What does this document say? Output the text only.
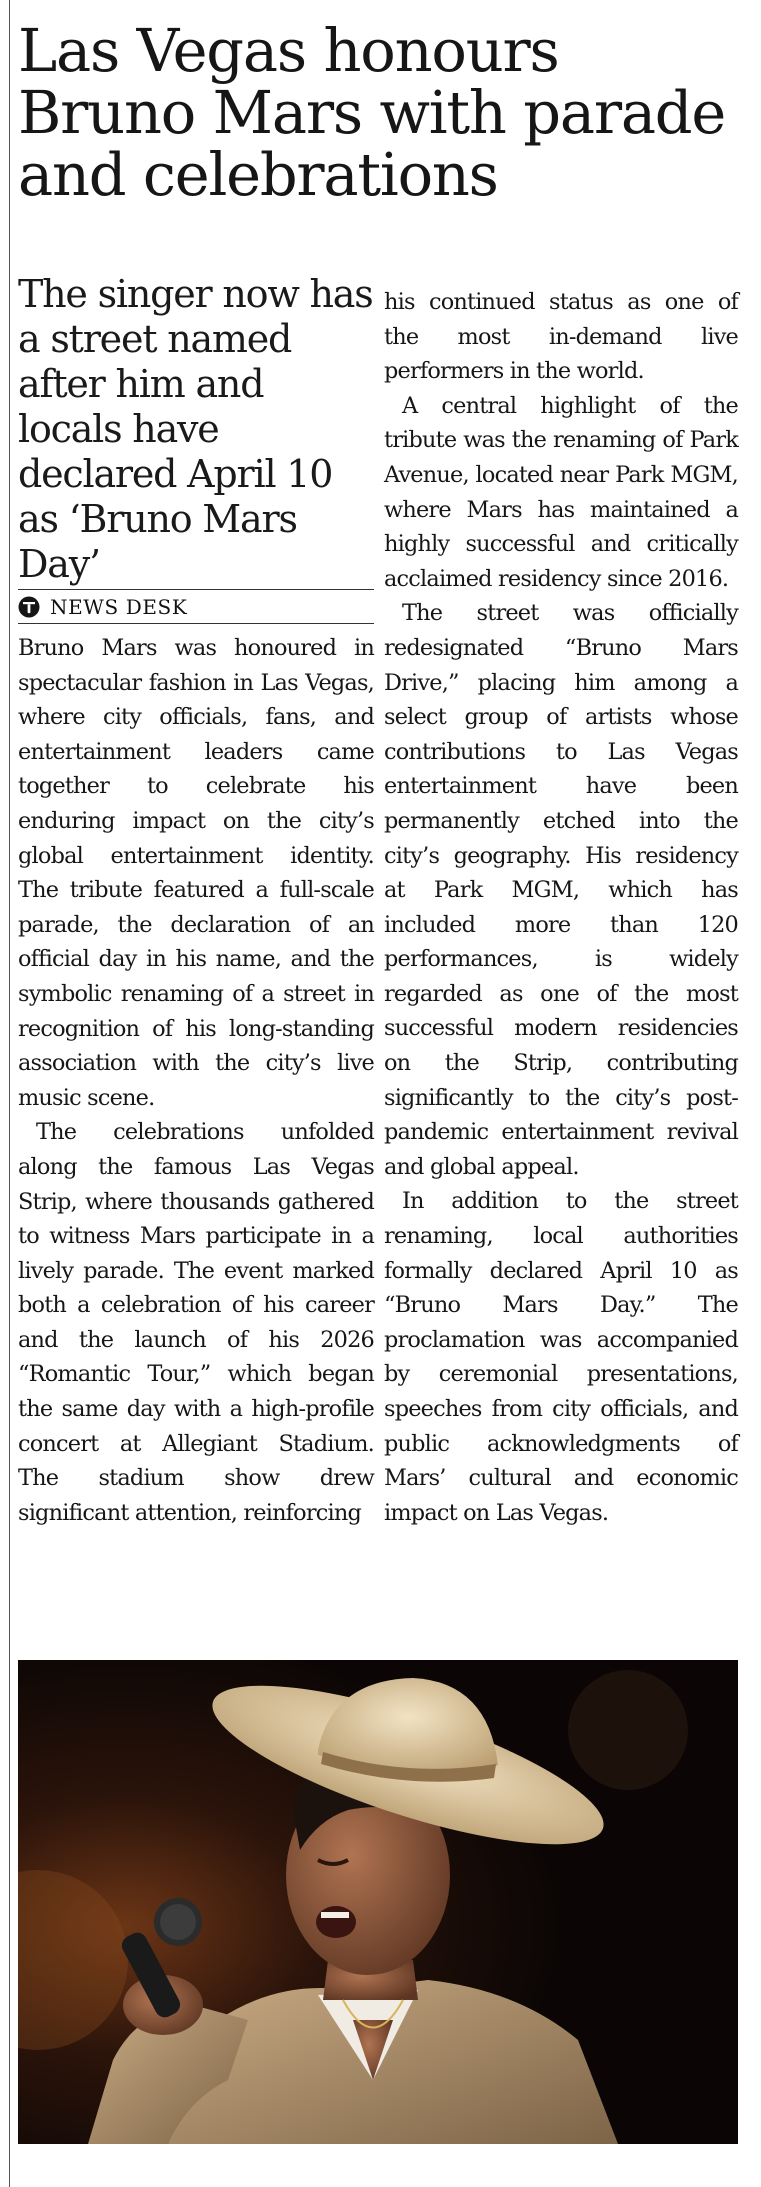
Las Vegas honours Bruno Mars with parade and celebrations
The singer now has a street named after him and locals have declared April 10 as ‘Bruno Mars Day’
NEWS DESK

Bruno Mars was honoured in spectacular fashion in Las Vegas, where city officials, fans, and entertainment leaders came together to celebrate his enduring impact on the city’s global entertainment identity. The tribute featured a full-scale parade, the declaration of an official day in his name, and the symbolic renaming of a street in recognition of his long-standing association with the city’s live music scene.

The celebrations unfolded along the famous Las Vegas Strip, where thousands gathered to witness Mars participate in a lively parade. The event marked both a celebration of his career and the launch of his 2026 “Romantic Tour,” which began the same day with a high-profile concert at Allegiant Stadium. The stadium show drew significant attention, reinforcing

his continued status as one of the most in-demand live performers in the world.

A central highlight of the tribute was the renaming of Park Avenue, located near Park MGM, where Mars has maintained a highly successful and critically acclaimed residency since 2016.

The street was officially redesignated “Bruno Mars Drive,” placing him among a select group of artists whose contributions to Las Vegas entertainment have been permanently etched into the city’s geography. His residency at Park MGM, which has included more than 120 performances, is widely regarded as one of the most successful modern residencies on the Strip, contributing significantly to the city’s post-pandemic entertainment revival and global appeal.

In addition to the street renaming, local authorities formally declared April 10 as “Bruno Mars Day.” The proclamation was accompanied by ceremonial presentations, speeches from city officials, and public acknowledgments of Mars’ cultural and economic impact on Las Vegas.
